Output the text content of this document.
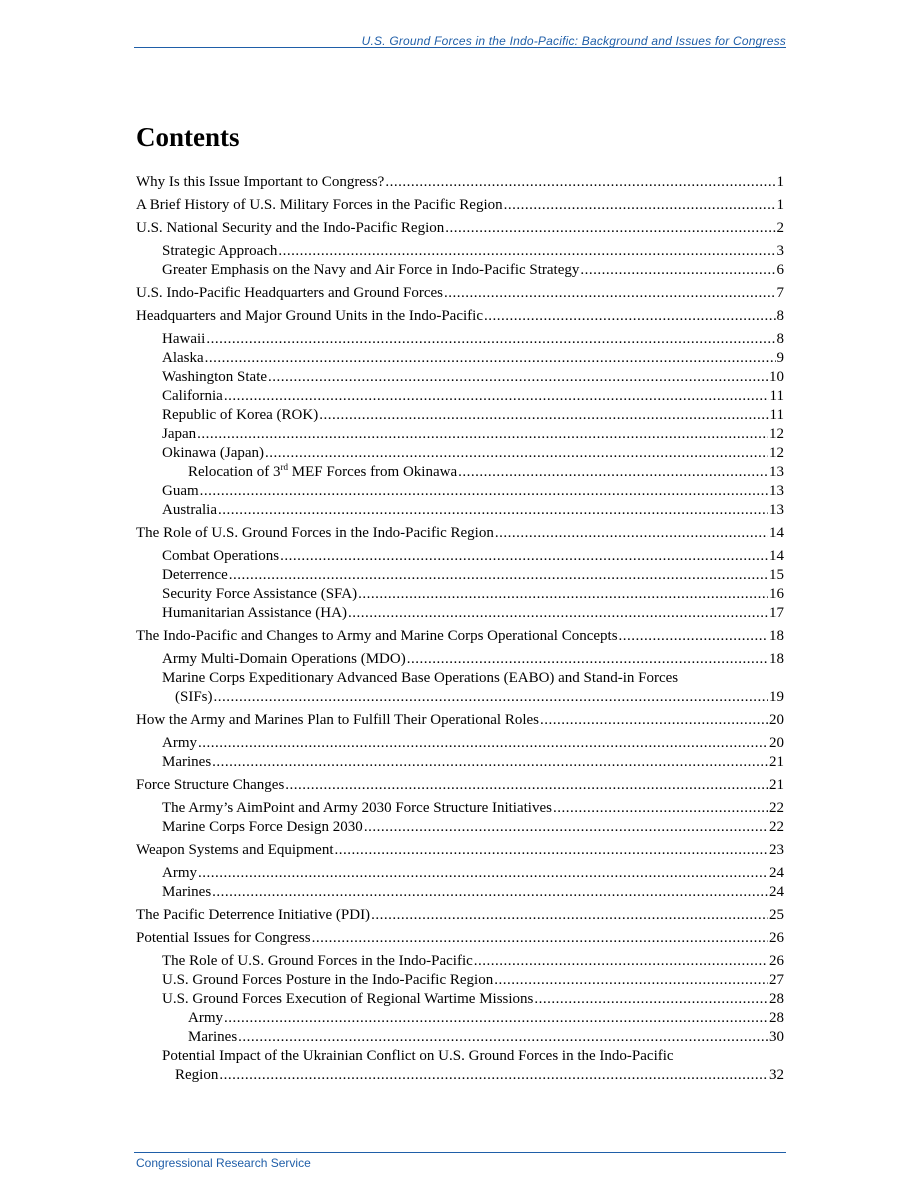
U.S. Ground Forces in the Indo-Pacific: Background and Issues for Congress
Contents
Why Is this Issue Important to Congress? .....	1
A Brief History of U.S. Military Forces in the Pacific Region .....	1
U.S. National Security and the Indo-Pacific Region .....	2
Strategic Approach .....	3
Greater Emphasis on the Navy and Air Force in Indo-Pacific Strategy .....	6
U.S. Indo-Pacific Headquarters and Ground Forces .....	7
Headquarters and Major Ground Units in the Indo-Pacific .....	8
Hawaii .....	8
Alaska .....	9
Washington State .....	10
California .....	11
Republic of Korea (ROK) .....	11
Japan .....	12
Okinawa (Japan) .....	12
Relocation of 3rd MEF Forces from Okinawa .....	13
Guam .....	13
Australia .....	13
The Role of U.S. Ground Forces in the Indo-Pacific Region .....	14
Combat Operations .....	14
Deterrence .....	15
Security Force Assistance (SFA) .....	16
Humanitarian Assistance (HA) .....	17
The Indo-Pacific and Changes to Army and Marine Corps Operational Concepts .....	18
Army Multi-Domain Operations (MDO) .....	18
Marine Corps Expeditionary Advanced Base Operations (EABO) and Stand-in Forces
(SIFs) .....	19
How the Army and Marines Plan to Fulfill Their Operational Roles .....	20
Army .....	20
Marines .....	21
Force Structure Changes .....	21
The Army’s AimPoint and Army 2030 Force Structure Initiatives .....	22
Marine Corps Force Design 2030 .....	22
Weapon Systems and Equipment .....	23
Army .....	24
Marines .....	24
The Pacific Deterrence Initiative (PDI) .....	25
Potential Issues for Congress .....	26
The Role of U.S. Ground Forces in the Indo-Pacific .....	26
U.S. Ground Forces Posture in the Indo-Pacific Region .....	27
U.S. Ground Forces Execution of Regional Wartime Missions .....	28
Army .....	28
Marines .....	30
Potential Impact of the Ukrainian Conflict on U.S. Ground Forces in the Indo-Pacific
Region .....	32
Congressional Research Service
